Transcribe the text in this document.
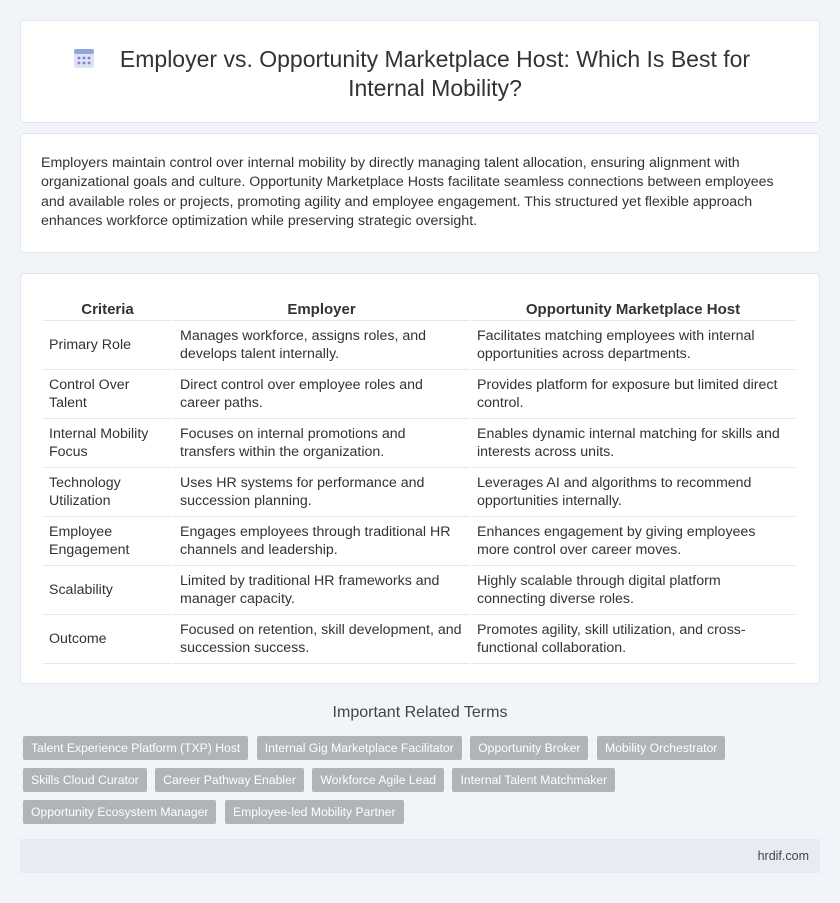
Employer vs. Opportunity Marketplace Host: Which Is Best for Internal Mobility?

Employers maintain control over internal mobility by directly managing talent allocation, ensuring alignment with organizational goals and culture. Opportunity Marketplace Hosts facilitate seamless connections between employees and available roles or projects, promoting agility and employee engagement. This structured yet flexible approach enhances workforce optimization while preserving strategic oversight.

Criteria	Employer	Opportunity Marketplace Host
Primary Role	Manages workforce, assigns roles, and develops talent internally.	Facilitates matching employees with internal opportunities across departments.
Control Over Talent	Direct control over employee roles and career paths.	Provides platform for exposure but limited direct control.
Internal Mobility Focus	Focuses on internal promotions and transfers within the organization.	Enables dynamic internal matching for skills and interests across units.
Technology Utilization	Uses HR systems for performance and succession planning.	Leverages AI and algorithms to recommend opportunities internally.
Employee Engagement	Engages employees through traditional HR channels and leadership.	Enhances engagement by giving employees more control over career moves.
Scalability	Limited by traditional HR frameworks and manager capacity.	Highly scalable through digital platform connecting diverse roles.
Outcome	Focused on retention, skill development, and succession success.	Promotes agility, skill utilization, and cross-functional collaboration.
Important Related Terms
Talent Experience Platform (TXP) Host Internal Gig Marketplace Facilitator Opportunity Broker Mobility Orchestrator Skills Cloud Curator Career Pathway Enabler Workforce Agile Lead Internal Talent Matchmaker Opportunity Ecosystem Manager Employee-led Mobility Partner
hrdif.com
